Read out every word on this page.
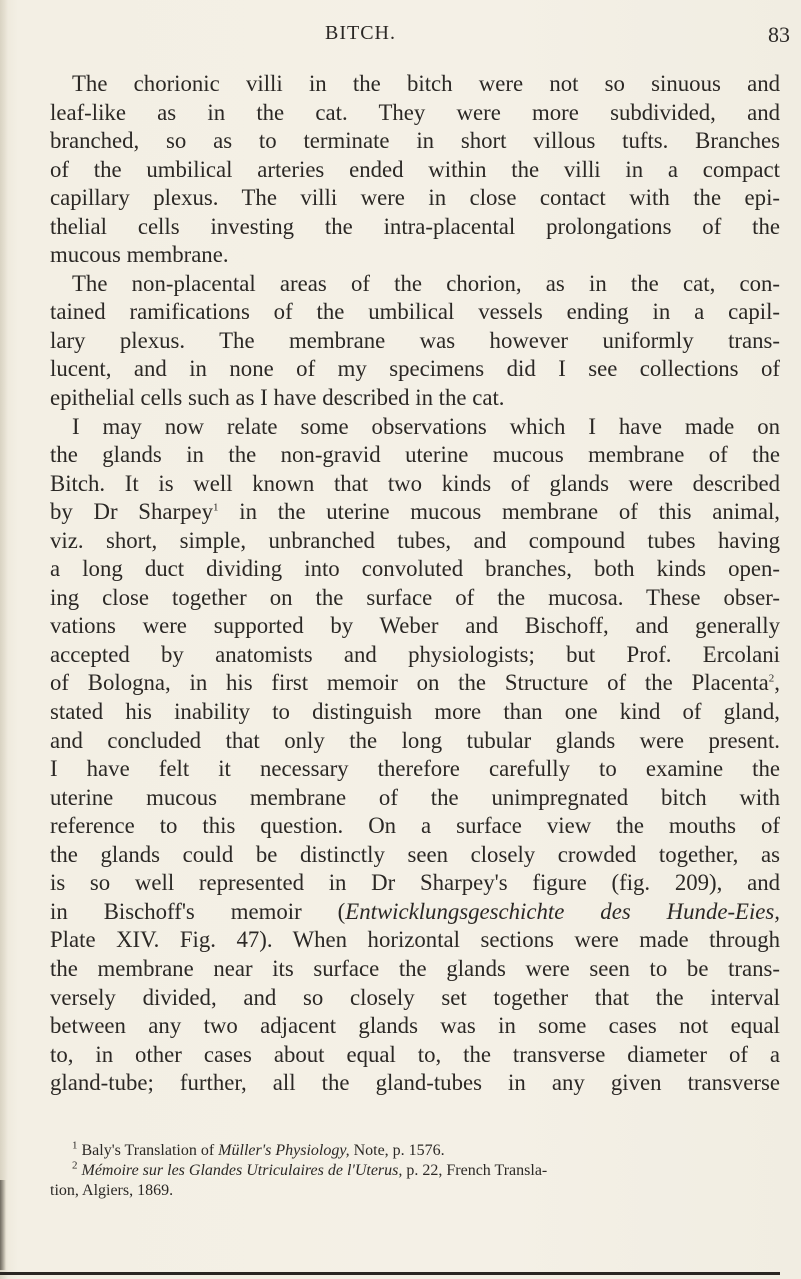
BITCH.	83
The chorionic villi in the bitch were not so sinuous and
leaf-like as in the cat. They were more subdivided, and
branched, so as to terminate in short villous tufts. Branches
of the umbilical arteries ended within the villi in a compact
capillary plexus. The villi were in close contact with the epi-
thelial cells investing the intra-placental prolongations of the
mucous membrane.
The non-placental areas of the chorion, as in the cat, con-
tained ramifications of the umbilical vessels ending in a capil-
lary plexus. The membrane was however uniformly trans-
lucent, and in none of my specimens did I see collections of
epithelial cells such as I have described in the cat.
I may now relate some observations which I have made on
the glands in the non-gravid uterine mucous membrane of the
Bitch. It is well known that two kinds of glands were described
by Dr Sharpey$^1$ in the uterine mucous membrane of this animal,
viz. short, simple, unbranched tubes, and compound tubes having
a long duct dividing into convoluted branches, both kinds open-
ing close together on the surface of the mucosa. These obser-
vations were supported by Weber and Bischoff, and generally
accepted by anatomists and physiologists; but Prof. Ercolani
of Bologna, in his first memoir on the Structure of the Placenta$^2$,
stated his inability to distinguish more than one kind of gland,
and concluded that only the long tubular glands were present.
I have felt it necessary therefore carefully to examine the
uterine mucous membrane of the unimpregnated bitch with
reference to this question. On a surface view the mouths of
the glands could be distinctly seen closely crowded together, as
is so well represented in Dr Sharpey's figure (fig. 209), and
in Bischoff's memoir (Entwicklungsgeschichte des Hunde-Eies,
Plate XIV. Fig. 47). When horizontal sections were made through
the membrane near its surface the glands were seen to be trans-
versely divided, and so closely set together that the interval
between any two adjacent glands was in some cases not equal
to, in other cases about equal to, the transverse diameter of a
gland-tube; further, all the gland-tubes in any given transverse
$^1$ Baly's Translation of Müller's Physiology, Note, p. 1576.
$^2$ Mémoire sur les Glandes Utriculaires de l'Uterus, p. 22, French Transla-
tion, Algiers, 1869.
